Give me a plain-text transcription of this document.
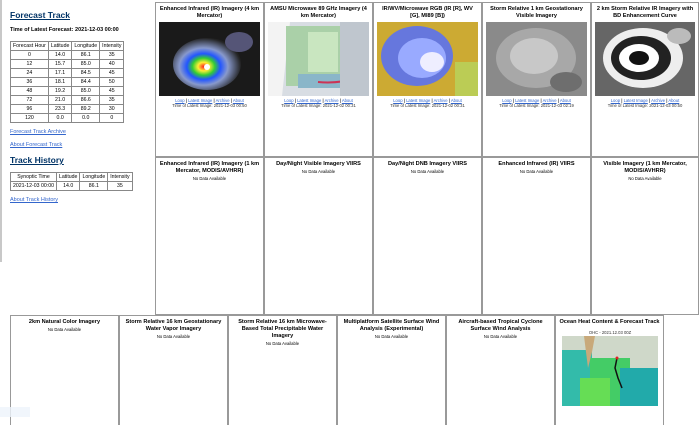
Forecast Track
Time of Latest Forecast: 2021-12-03 00:00
Forecast Hour	Latitude	Longitude	Intensity
0	14.0	86.1	35
12	15.7	85.0	40
24	17.1	84.5	45
36	18.1	84.4	50
48	19.2	85.0	45
72	21.0	86.6	35
96	23.3	89.2	30
120	0.0	0.0	0
Forecast Track Archive
About Forecast Track
Track History
Synoptic Time	Latitude	Longitude	Intensity
2021-12-03 00:00	14.0	86.1	35
About Track History
Enhanced Infrared (IR) Imagery (4 km Mercator)
Loop | Latest Image | Archive | About
Time of Latest Image: 2021-12-03 00:50
AMSU Microwave 89 GHz Imagery (4 km Mercator)
Loop | Latest Image | Archive | About
Time of Latest Image: 2021-12-02 00:31
IR/WV/Microwave RGB (IR [R], WV [G], MI89 [B])
Loop | Latest Image | Archive | About
Time of Latest Image: 2021-12-02 00:31
Storm Relative 1 km Geostationary Visible Imagery
Loop | Latest Image | Archive | About
Time of Latest Image: 2021-12-03 02:19
2 km Storm Relative IR Imagery with BD Enhancement Curve
Loop | Latest Image | Archive | About
Time of Latest Image: 2021-12-03 00:50
Enhanced Infrared (IR) Imagery (1 km Mercator, MODIS/AVHRR)
No Data Available
Day/Night Visible Imagery VIIRS
No Data Available
Day/Night DNB Imagery VIIRS
No Data Available
Enhanced Infrared (IR) VIIRS
No Data Available
Visible Imagery (1 km Mercator, MODIS/AVHRR)
No Data Available
2km Natural Color Imagery
No Data Available
Storm Relative 16 km Geostationary Water Vapor Imagery
No Data Available
Storm Relative 16 km Microwave-Based Total Precipitable Water Imagery
No Data Available
Multiplatform Satellite Surface Wind Analysis (Experimental)
No Data Available
Aircraft-based Tropical Cyclone Surface Wind Analysis
No Data Available
Ocean Heat Content & Forecast Track
OHC - 2021.12.03 00Z
